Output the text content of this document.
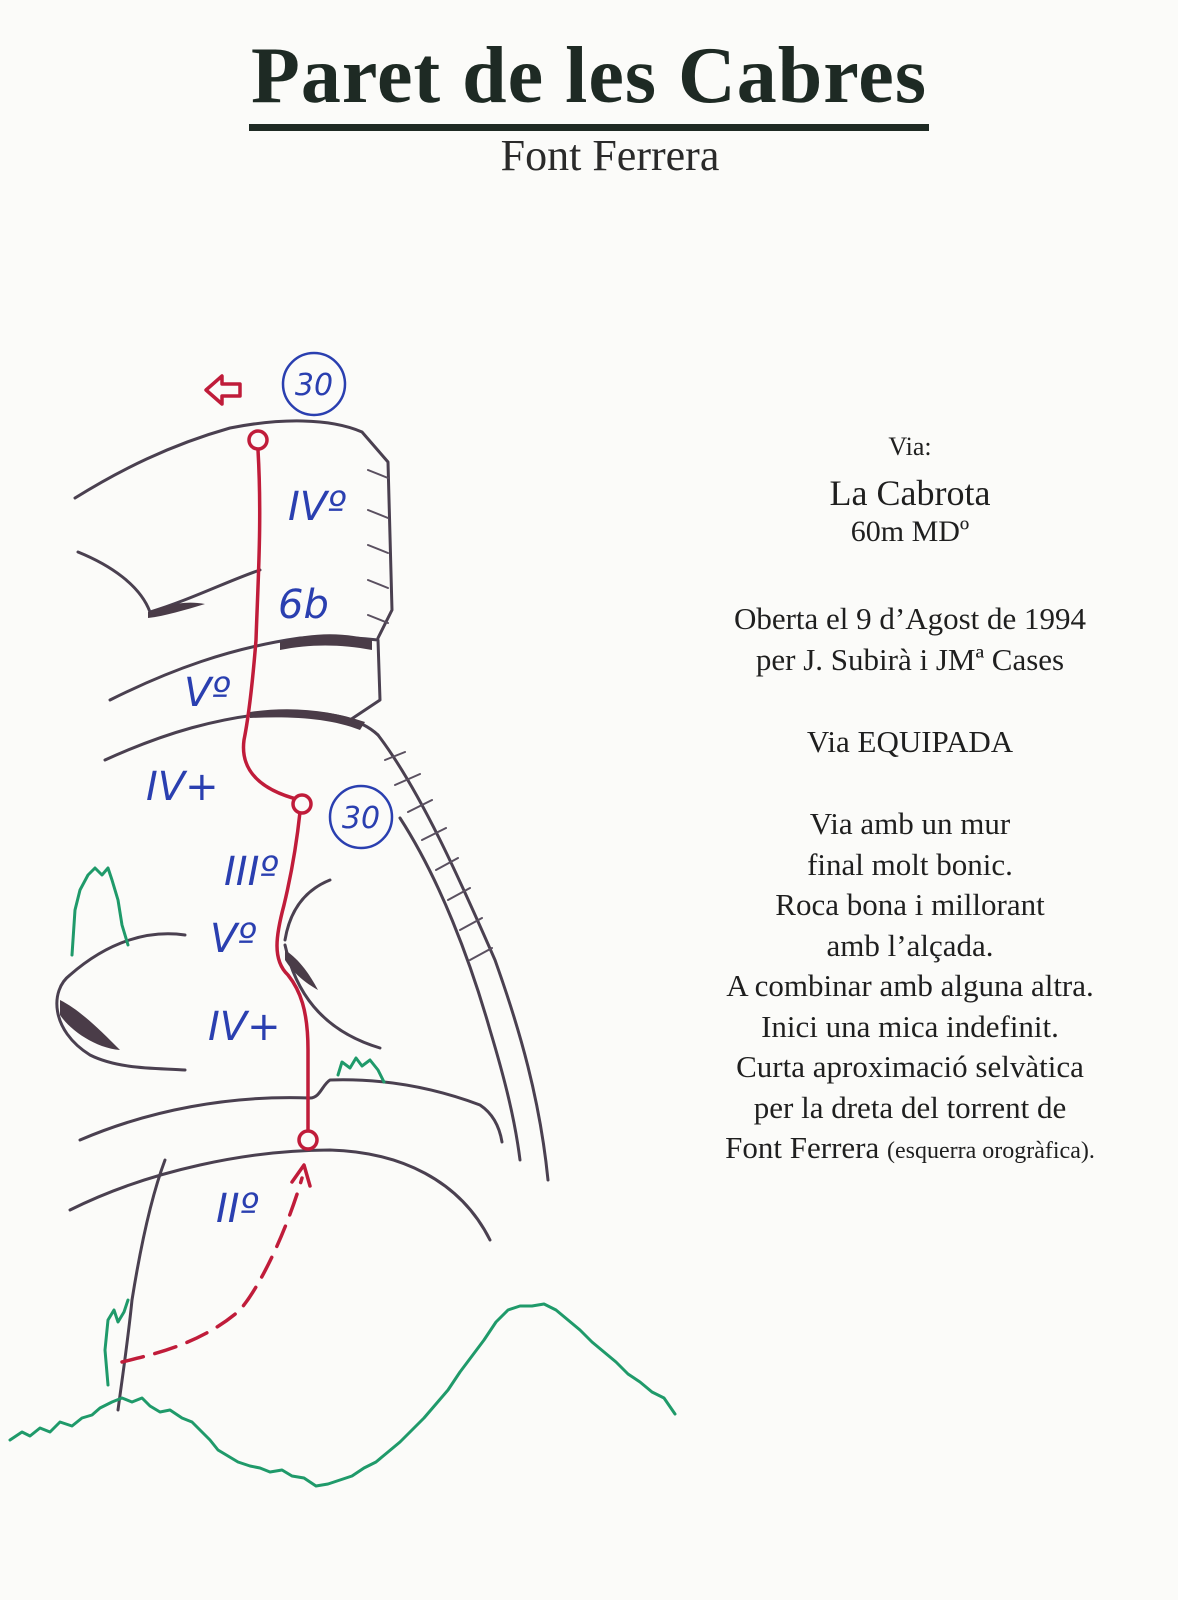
Paret de les Cabres
Font Ferrera
30
30
IVº
6b
Vº
IV+
IIIº
Vº
IV+
IIº
Via:
La Cabrota
60m MDº
Oberta el 9 d’Agost de 1994
per J. Subirà i JMª Cases
Via EQUIPADA
Via amb un mur
final molt bonic.
Roca bona i millorant
amb l’alçada.
A combinar amb alguna altra.
Inici una mica indefinit.
Curta aproximació selvàtica
per la dreta del torrent de
Font Ferrera (esquerra orogràfica).
